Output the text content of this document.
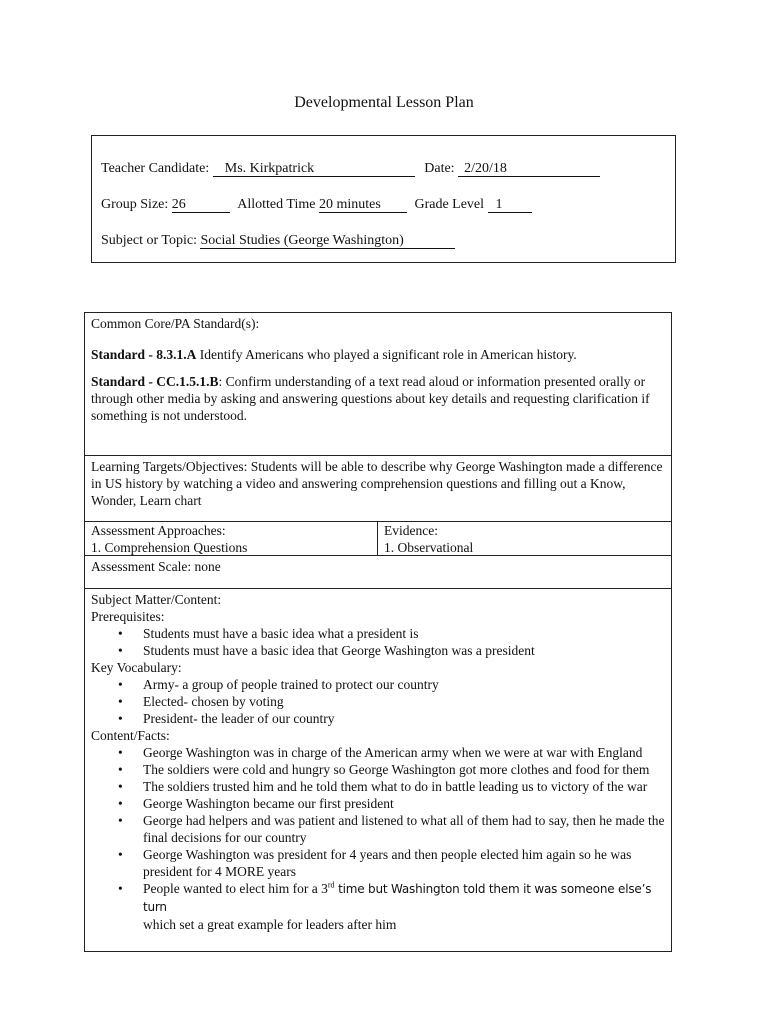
Developmental Lesson Plan
Teacher Candidate: Ms. Kirkpatrick	Date: 2/20/18
Group Size: 26	Allotted Time 20 minutes Grade Level 1
Subject or Topic: Social Studies (George Washington)

Common Core/PA Standard(s):

Standard - 8.3.1.A Identify Americans who played a significant role in American history.

Standard - CC.1.5.1.B: Confirm understanding of a text read aloud or information presented orally or through other media by asking and answering questions about key details and requesting clarification if something is not understood.

Learning Targets/Objectives: Students will be able to describe why George Washington made a difference in US history by watching a video and answering comprehension questions and filling out a Know, Wonder, Learn chart

Assessment Approaches:
1. Comprehension Questions
Evidence:
1. Observational

Assessment Scale: none

Subject Matter/Content:

Prerequisites:

• Students must have a basic idea what a president is
• Students must have a basic idea that George Washington was a president

Key Vocabulary:

• Army- a group of people trained to protect our country
• Elected- chosen by voting
• President- the leader of our country

Content/Facts:

• George Washington was in charge of the American army when we were at war with England
• The soldiers were cold and hungry so George Washington got more clothes and food for them
• The soldiers trusted him and he told them what to do in battle leading us to victory of the war
• George Washington became our first president
• George had helpers and was patient and listened to what all of them had to say, then he made the final decisions for our country
• George Washington was president for 4 years and then people elected him again so he was president for 4 MORE years
• People wanted to elect him for a 3rd time but Washington told them it was someone else’s turn
which set a great example for leaders after him
